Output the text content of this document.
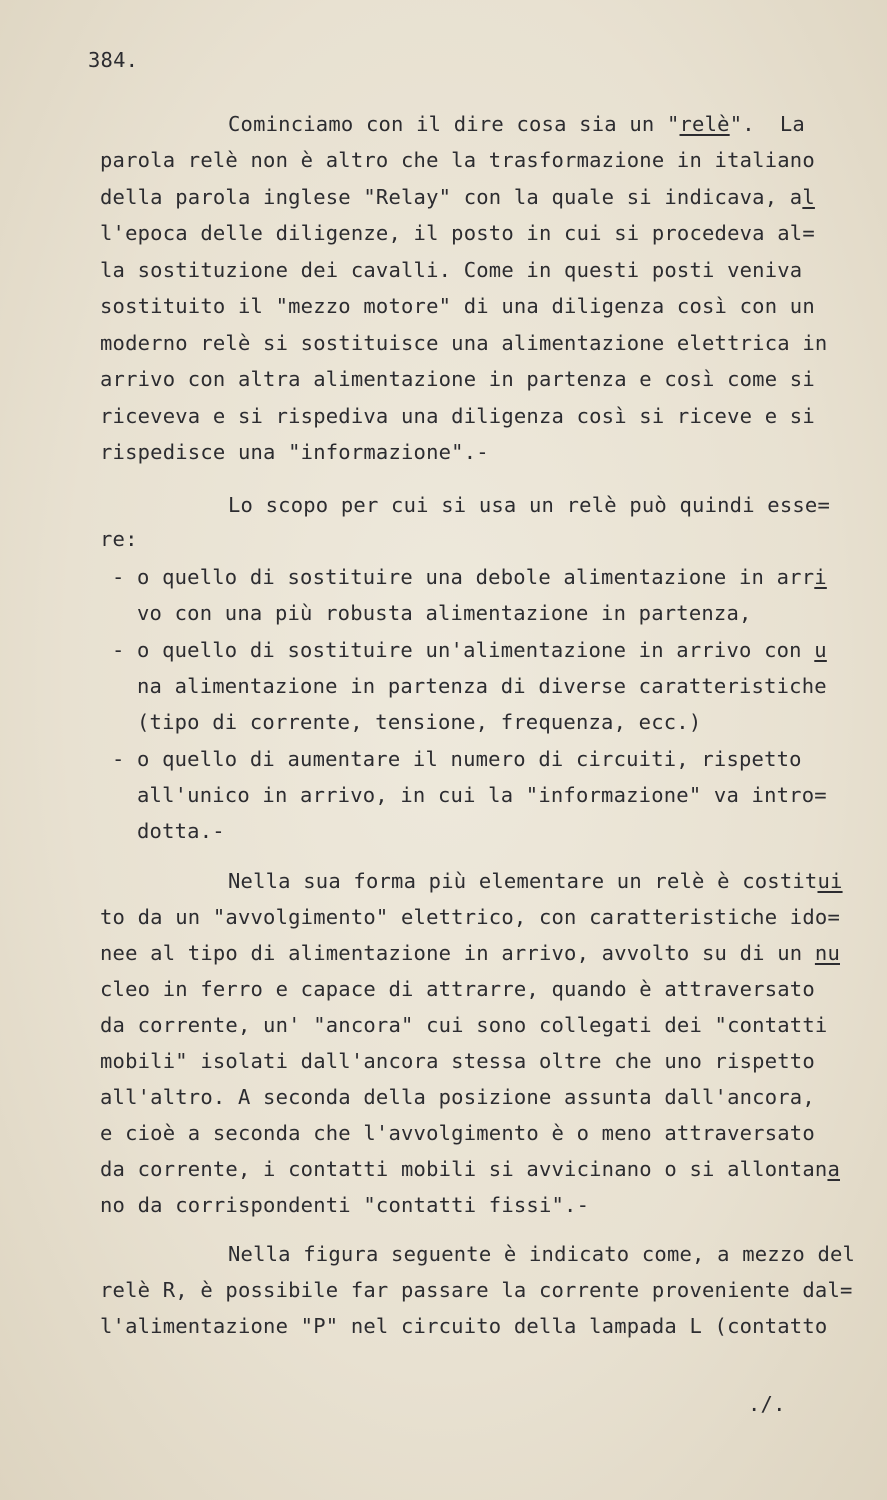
384.
Cominciamo con il dire cosa sia un "relè".  La
parola relè non è altro che la trasformazione in italiano
della parola inglese "Relay" con la quale si indicava, al
l'epoca delle diligenze, il posto in cui si procedeva al=
la sostituzione dei cavalli. Come in questi posti veniva
sostituito il "mezzo motore" di una diligenza così con un
moderno relè si sostituisce una alimentazione elettrica in
arrivo con altra alimentazione in partenza e così come si
riceveva e si rispediva una diligenza così si riceve e si
rispedisce una "informazione".-
Lo scopo per cui si usa un relè può quindi esse=
re:
- o quello di sostituire una debole alimentazione in arri
vo con una più robusta alimentazione in partenza,
- o quello di sostituire un'alimentazione in arrivo con u
na alimentazione in partenza di diverse caratteristiche
(tipo di corrente, tensione, frequenza, ecc.)
- o quello di aumentare il numero di circuiti, rispetto
all'unico in arrivo, in cui la "informazione" va intro=
dotta.-
Nella sua forma più elementare un relè è costitui
to da un "avvolgimento" elettrico, con caratteristiche ido=
nee al tipo di alimentazione in arrivo, avvolto su di un nu
cleo in ferro e capace di attrarre, quando è attraversato
da corrente, un' "ancora" cui sono collegati dei "contatti
mobili" isolati dall'ancora stessa oltre che uno rispetto
all'altro. A seconda della posizione assunta dall'ancora,
e cioè a seconda che l'avvolgimento è o meno attraversato
da corrente, i contatti mobili si avvicinano o si allontana
no da corrispondenti "contatti fissi".-
Nella figura seguente è indicato come, a mezzo del
relè R, è possibile far passare la corrente proveniente dal=
l'alimentazione "P" nel circuito della lampada L (contatto
./.
